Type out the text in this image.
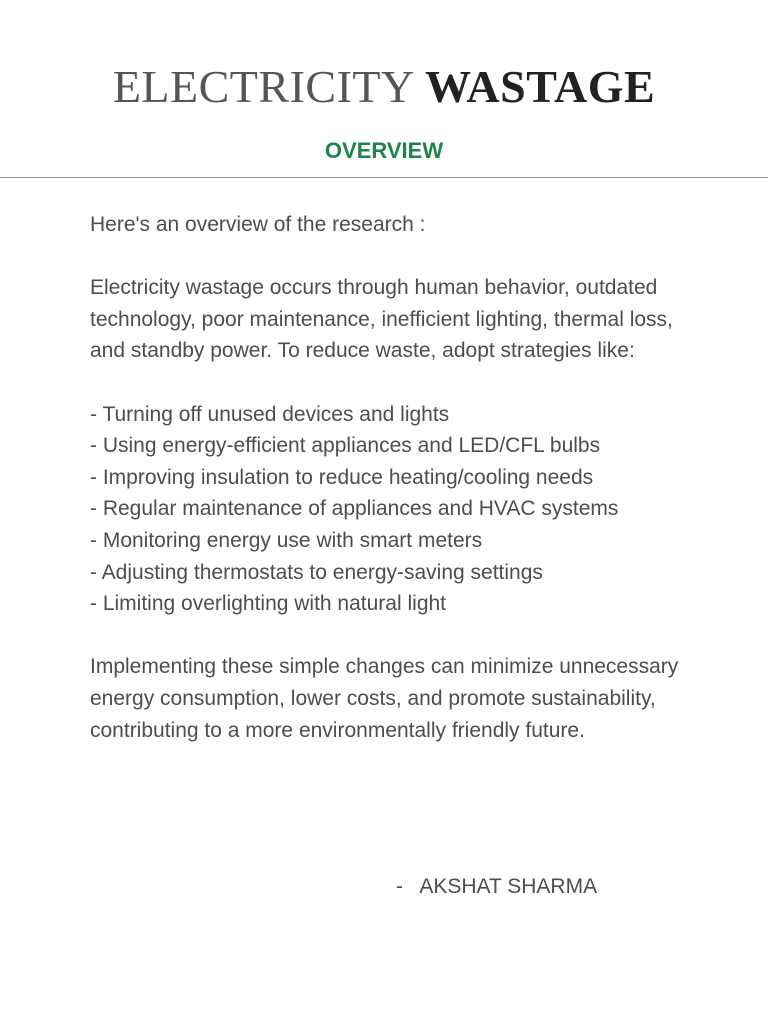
ELECTRICITY WASTAGE
OVERVIEW

Here's an overview of the research :

Electricity wastage occurs through human behavior, outdated technology, poor maintenance, inefficient lighting, thermal loss, and standby power. To reduce waste, adopt strategies like:

- Turning off unused devices and lights
- Using energy-efficient appliances and LED/CFL bulbs
- Improving insulation to reduce heating/cooling needs
- Regular maintenance of appliances and HVAC systems
- Monitoring energy use with smart meters
- Adjusting thermostats to energy-saving settings
- Limiting overlighting with natural light

Implementing these simple changes can minimize unnecessary energy consumption, lower costs, and promote sustainability, contributing to a more environmentally friendly future.

-   AKSHAT SHARMA
